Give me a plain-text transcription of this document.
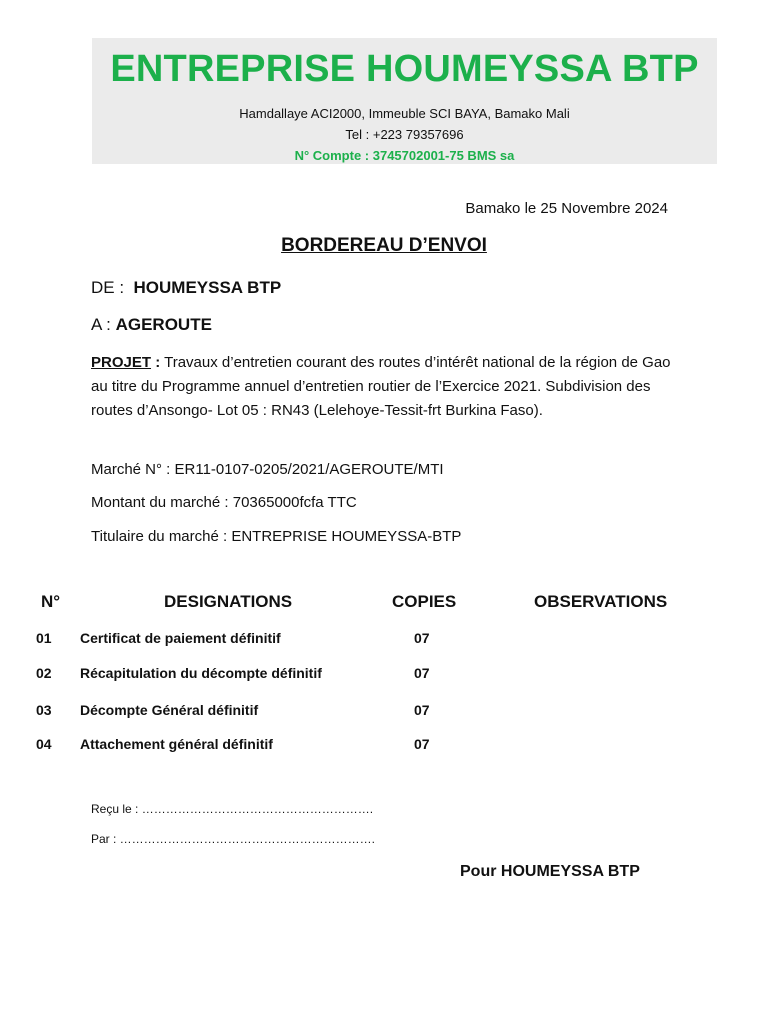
ENTREPRISE HOUMEYSSA BTP
Hamdallaye ACI2000, Immeuble SCI BAYA, Bamako Mali
Tel : +223 79357696
N° Compte : 3745702001-75 BMS sa
Bamako le 25 Novembre 2024
BORDEREAU D’ENVOI
DE : HOUMEYSSA BTP
A : AGEROUTE
PROJET : Travaux d’entretien courant des routes d’intérêt national de la région de Gao au titre du Programme annuel d’entretien routier de l’Exercice 2021. Subdivision des routes d’Ansongo- Lot 05 : RN43 (Lelehoye-Tessit-frt Burkina Faso).
Marché N° : ER11-0107-0205/2021/AGEROUTE/MTI
Montant du marché : 70365000fcfa TTC
Titulaire du marché : ENTREPRISE HOUMEYSSA-BTP
N°	DESIGNATIONS	COPIES	OBSERVATIONS
01 Certificat de paiement définitif	07
02 Récapitulation du décompte définitif	07
03 Décompte Général définitif	07
04 Attachement général définitif	07
Reçu le : ………………………………………………….
Par : ……………………………………………………….
Pour HOUMEYSSA BTP
